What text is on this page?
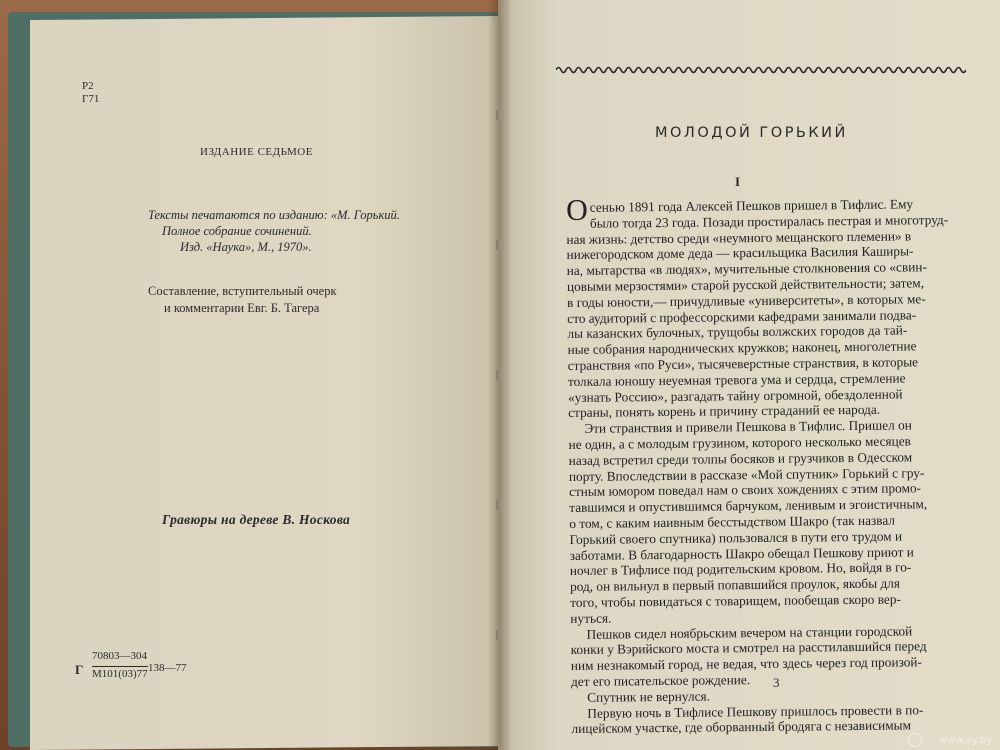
Р2
Г71
ИЗДАНИЕ СЕДЬМОЕ
Тексты печатаются по изданию: «М. Горький.
Полное собрание сочинений.
Изд. «Наука», М., 1970».
Составление, вступительный очерк
и комментарии Евг. Б. Тагера
Гравюры на дереве В. Носкова
Г
70803—304
М101(03)77 138—77
МОЛОДОЙ ГОРЬКИЙ
I
О сенью 1891 года Алексей Пешков пришел в Тифлис. Ему
было тогда 23 года. Позади простиралась пестрая и многотруд-
ная жизнь: детство среди «неумного мещанского племени» в
нижегородском доме деда — красильщика Василия Каширы-
на, мытарства «в людях», мучительные столкновения со «свин-
цовыми мерзостями» старой русской действительности; затем,
в годы юности,— причудливые «университеты», в которых ме-
сто аудиторий с профессорскими кафедрами занимали подва-
лы казанских булочных, трущобы волжских городов да тай-
ные собрания народнических кружков; наконец, многолетние
странствия «по Руси», тысячеверстные странствия, в которые
толкала юношу неуемная тревога ума и сердца, стремление
«узнать Россию», разгадать тайну огромной, обездоленной
страны, понять корень и причину страданий ее народа.
Эти странствия и привели Пешкова в Тифлис. Пришел он
не один, а с молодым грузином, которого несколько месяцев
назад встретил среди толпы босяков и грузчиков в Одесском
порту. Впоследствии в рассказе «Мой спутник» Горький с гру-
стным юмором поведал нам о своих хождениях с этим промо-
тавшимся и опустившимся барчуком, ленивым и эгоистичным,
о том, с каким наивным бесстыдством Шакро (так назвал
Горький своего спутника) пользовался в пути его трудом и
заботами. В благодарность Шакро обещал Пешкову приют и
ночлег в Тифлисе под родительским кровом. Но, войдя в го-
род, он вильнул в первый попавшийся проулок, якобы для
того, чтобы повидаться с товарищем, пообещав скоро вер-
нуться.
Пешков сидел ноябрьским вечером на станции городской
конки у Вэрийского моста и смотрел на расстилавшийся перед
ним незнакомый город, не ведая, что здесь через год произой-
дет его писательское рождение.
Спутник не вернулся.
Первую ночь в Тифлисе Пешкову пришлось провести в по-
лицейском участке, где оборванный бродяга с независимым
3
www.ay.by
